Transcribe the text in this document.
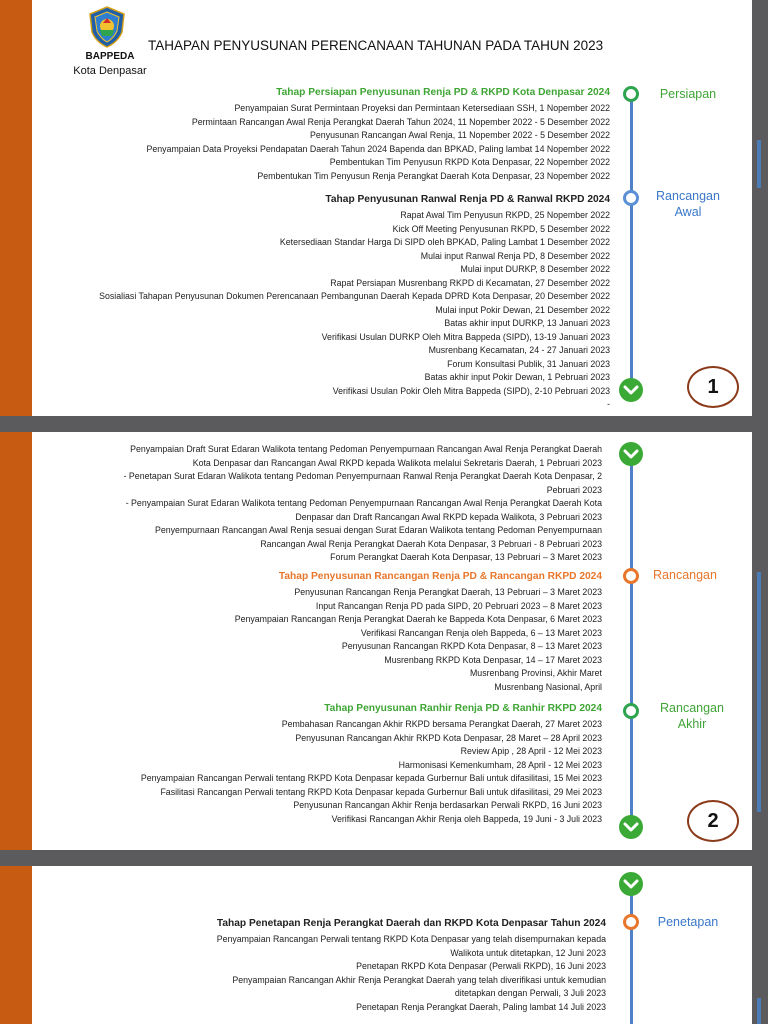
BAPPEDA
Kota Denpasar
TAHAPAN PENYUSUNAN PERENCANAAN TAHUNAN PADA TAHUN 2023
Persiapan
Rancangan
Awal
Tahap Persiapan Penyusunan Renja PD & RKPD Kota Denpasar 2024
Penyampaian Surat Permintaan Proyeksi dan Permintaan Ketersediaan SSH, 1 Nopember 2022
Permintaan Rancangan Awal Renja Perangkat Daerah Tahun 2024, 11 Nopember 2022 - 5 Desember 2022
Penyusunan Rancangan Awal Renja, 11 Nopember 2022 - 5 Desember 2022
Penyampaian Data Proyeksi Pendapatan Daerah Tahun 2024 Bapenda dan BPKAD, Paling lambat 14 Nopember 2022
Pembentukan Tim Penyusun RKPD Kota Denpasar, 22 Nopember 2022
Pembentukan Tim Penyusun Renja Perangkat Daerah Kota Denpasar, 23 Nopember 2022
Tahap Penyusunan Ranwal Renja PD & Ranwal RKPD 2024
Rapat Awal Tim Penyusun RKPD, 25 Nopember 2022
Kick Off Meeting Penyusunan RKPD, 5 Desember 2022
Ketersediaan Standar Harga Di SIPD oleh BPKAD, Paling Lambat 1 Desember 2022
Mulai input Ranwal Renja PD, 8 Desember 2022
Mulai input DURKP, 8 Desember 2022
Rapat Persiapan Musrenbang RKPD di Kecamatan, 27 Desember 2022
Sosialiasi Tahapan Penyusunan Dokumen Perencanaan Pembangunan Daerah Kepada DPRD Kota Denpasar, 20 Desember 2022
Mulai input Pokir Dewan, 21 Desember 2022
Batas akhir input DURKP, 13 Januari 2023
Verifikasi Usulan DURKP Oleh Mitra Bappeda (SIPD), 13-19 Januari 2023
Musrenbang Kecamatan, 24 - 27 Januari 2023
Forum Konsultasi Publik, 31 Januari 2023
Batas akhir input Pokir Dewan, 1 Pebruari 2023
Verifikasi Usulan Pokir Oleh Mitra Bappeda (SIPD), 2-10 Pebruari 2023
-
1
Rancangan
Rancangan
Akhir
Penyampaian Draft Surat Edaran Walikota tentang Pedoman Penyempurnaan Rancangan Awal Renja Perangkat Daerah
Kota Denpasar dan Rancangan Awal RKPD kepada Walikota melalui Sekretaris Daerah, 1 Pebruari 2023
- Penetapan Surat Edaran Walikota tentang Pedoman Penyempurnaan Ranwal Renja Perangkat Daerah Kota Denpasar, 2
Pebruari 2023
- Penyampaian Surat Edaran Walikota tentang Pedoman Penyempurnaan Rancangan Awal Renja Perangkat Daerah Kota
Denpasar dan Draft Rancangan Awal RKPD kepada Walikota, 3 Pebruari 2023
Penyempurnaan Rancangan Awal Renja sesuai dengan Surat Edaran Walikota tentang Pedoman Penyempurnaan
Rancangan Awal Renja Perangkat Daerah Kota Denpasar, 3 Pebruari - 8 Pebruari 2023
Forum Perangkat Daerah Kota Denpasar, 13 Pebruari – 3 Maret 2023
Tahap Penyusunan Rancangan Renja PD & Rancangan RKPD 2024
Penyusunan Rancangan Renja Perangkat Daerah, 13 Pebruari – 3 Maret 2023
Input Rancangan Renja PD pada SIPD, 20 Pebruari 2023 – 8 Maret 2023
Penyampaian Rancangan Renja Perangkat Daerah ke Bappeda Kota Denpasar, 6 Maret 2023
Verifikasi Rancangan Renja oleh Bappeda, 6 – 13 Maret 2023
Penyusunan Rancangan RKPD Kota Denpasar, 8 – 13 Maret 2023
Musrenbang RKPD Kota Denpasar, 14 – 17 Maret 2023
Musrenbang Provinsi, Akhir Maret
Musrenbang Nasional, April
Tahap Penyusunan Ranhir Renja PD & Ranhir RKPD 2024
Pembahasan Rancangan Akhir RKPD bersama Perangkat Daerah, 27 Maret 2023
Penyusunan Rancangan Akhir RKPD Kota Denpasar, 28 Maret – 28 April 2023
Review Apip , 28 April - 12 Mei 2023
Harmonisasi Kemenkumham, 28 April - 12 Mei 2023
Penyampaian Rancangan Perwali tentang RKPD Kota Denpasar kepada Gurbernur Bali untuk difasilitasi, 15 Mei 2023
Fasilitasi Rancangan Perwali tentang RKPD Kota Denpasar kepada Gurbernur Bali untuk difasilitasi, 29 Mei 2023
Penyusunan Rancangan Akhir Renja berdasarkan Perwali RKPD, 16 Juni 2023
Verifikasi Rancangan Akhir Renja oleh Bappeda, 19 Juni - 3 Juli 2023	2
Penetapan
Tahap Penetapan Renja Perangkat Daerah dan RKPD Kota Denpasar Tahun 2024
Penyampaian Rancangan Perwali tentang RKPD Kota Denpasar yang telah disempurnakan kepada
Walikota untuk ditetapkan, 12 Juni 2023
Penetapan RKPD Kota Denpasar (Perwali RKPD), 16 Juni 2023
Penyampaian Rancangan Akhir Renja Perangkat Daerah yang telah diverifikasi untuk kemudian
ditetapkan dengan Perwali, 3 Juli 2023
Penetapan Renja Perangkat Daerah, Paling lambat 14 Juli 2023
